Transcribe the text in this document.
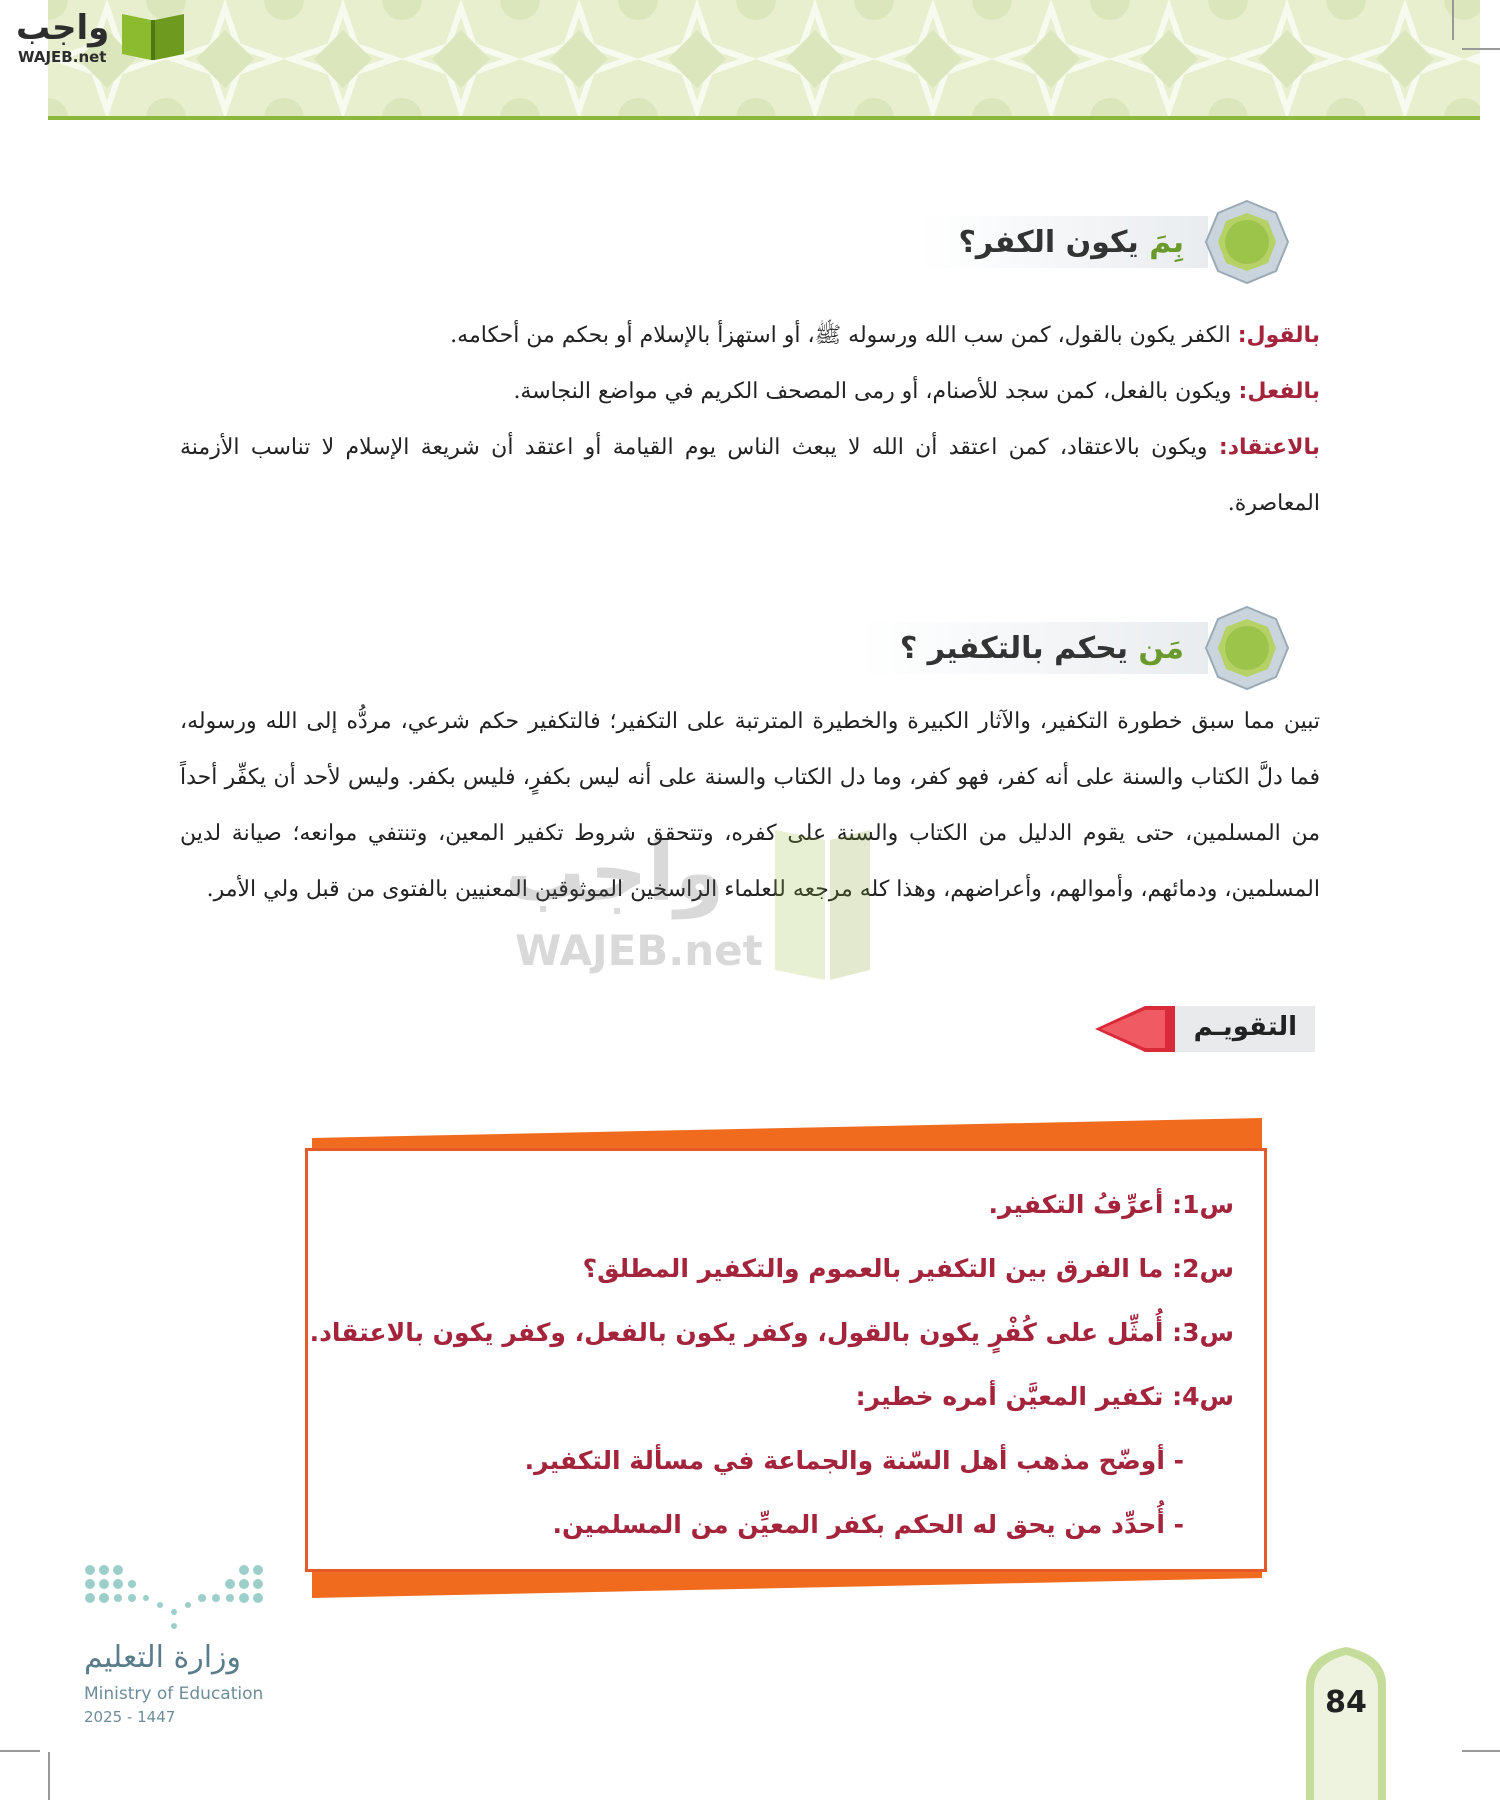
واجب
WAJEB.net
بِمَ يكون الكفر؟
بالقول: الكفر يكون بالقول، كمن سب الله ورسوله ﷺ، أو استهزأ بالإسلام أو بحكم من أحكامه.
بالفعل: ويكون بالفعل، كمن سجد للأصنام، أو رمى المصحف الكريم في مواضع النجاسة.
بالاعتقاد: ويكون بالاعتقاد، كمن اعتقد أن الله لا يبعث الناس يوم القيامة أو اعتقد أن شريعة الإسلام لا تناسب الأزمنة المعاصرة.
مَن يحكم بالتكفير ؟
تبين مما سبق خطورة التكفير، والآثار الكبيرة والخطيرة المترتبة على التكفير؛ فالتكفير حكم شرعي، مردُّه إلى الله ورسوله، فما دلَّ الكتاب والسنة على أنه كفر، فهو كفر، وما دل الكتاب والسنة على أنه ليس بكفرٍ، فليس بكفر. وليس لأحد أن يكفِّر أحداً من المسلمين، حتى يقوم الدليل من الكتاب والسنة على كفره، وتتحقق شروط تكفير المعين، وتنتفي موانعه؛ صيانة لدين المسلمين، ودمائهم، وأموالهم، وأعراضهم، وهذا كله مرجعه للعلماء الراسخين الموثوقين المعنيين بالفتوى من قبل ولي الأمر.
واجب
WAJEB.net
التقويـم
س1: أعرِّفُ التكفير.
س2: ما الفرق بين التكفير بالعموم والتكفير المطلق؟
س3: أُمثِّل على كُفْرٍ يكون بالقول، وكفر يكون بالفعل، وكفر يكون بالاعتقاد.
س4: تكفير المعيَّن أمره خطير:
- أوضّح مذهب أهل السّنة والجماعة في مسألة التكفير.
- أُحدِّد من يحق له الحكم بكفر المعيِّن من المسلمين.
وزارة التعليم
Ministry of Education
2025 - 1447	84
